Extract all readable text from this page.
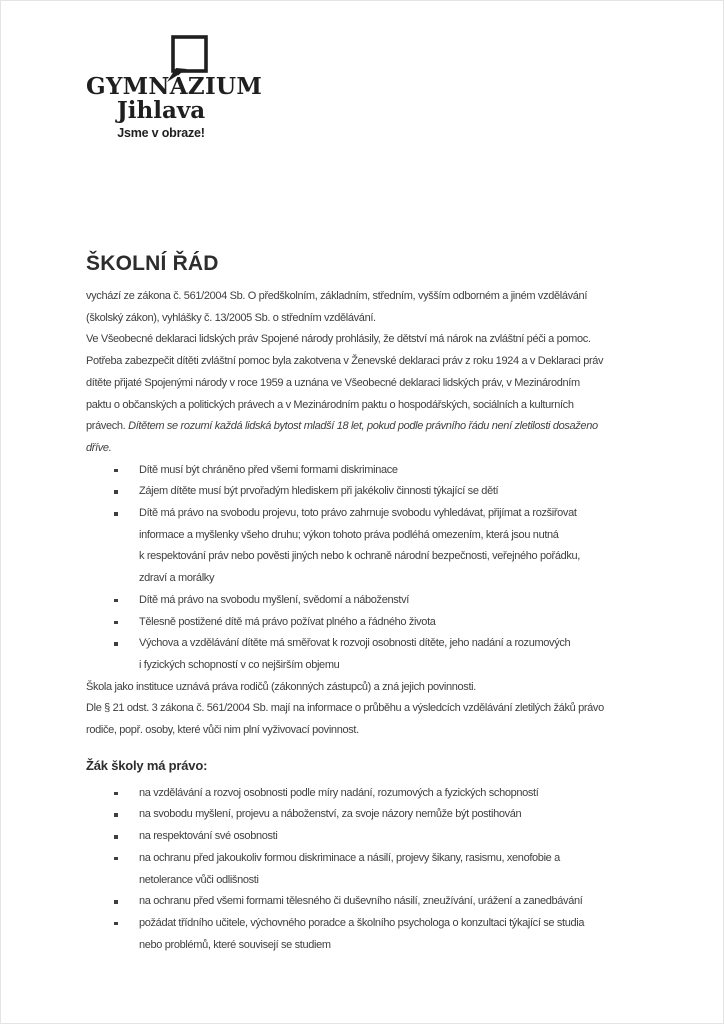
GYMNÁZIUM
Jihlava
Jsme v obraze!
ŠKOLNÍ ŘÁD
vychází ze zákona č. 561/2004 Sb. O předškolním, základním, středním, vyšším odborném a jiném vzdělávání
(školský zákon), vyhlášky č. 13/2005 Sb. o středním vzdělávání.
Ve Všeobecné deklaraci lidských práv Spojené národy prohlásily, že dětství má nárok na zvláštní péči a pomoc.
Potřeba zabezpečit dítěti zvláštní pomoc byla zakotvena v Ženevské deklaraci práv z roku 1924 a v Deklaraci práv
dítěte přijaté Spojenými národy v roce 1959 a uznána ve Všeobecné deklaraci lidských práv, v Mezinárodním
paktu o občanských a politických právech a v Mezinárodním paktu o hospodářských, sociálních a kulturních
právech. Dítětem se rozumí každá lidská bytost mladší 18 let, pokud podle právního řádu není zletilosti dosaženo
dříve.
Dítě musí být chráněno před všemi formami diskriminace
Zájem dítěte musí být prvořadým hlediskem při jakékoliv činnosti týkající se dětí
Dítě má právo na svobodu projevu, toto právo zahrnuje svobodu vyhledávat, přijímat a rozšiřovat
informace a myšlenky všeho druhu; výkon tohoto práva podléhá omezením, která jsou nutná
k respektování práv nebo pověsti jiných nebo k ochraně národní bezpečnosti, veřejného pořádku,
zdraví a morálky
Dítě má právo na svobodu myšlení, svědomí a náboženství
Tělesně postižené dítě má právo požívat plného a řádného života
Výchova a vzdělávání dítěte má směřovat k rozvoji osobnosti dítěte, jeho nadání a rozumových
i fyzických schopností v co nejširším objemu
Škola jako instituce uznává práva rodičů (zákonných zástupců) a zná jejich povinnosti.
Dle § 21 odst. 3 zákona č. 561/2004 Sb. mají na informace o průběhu a výsledcích vzdělávání zletilých žáků právo
rodiče, popř. osoby, které vůči nim plní vyživovací povinnost.
Žák školy má právo:
na vzdělávání a rozvoj osobnosti podle míry nadání, rozumových a fyzických schopností
na svobodu myšlení, projevu a náboženství, za svoje názory nemůže být postihován
na respektování své osobnosti
na ochranu před jakoukoliv formou diskriminace a násilí, projevy šikany, rasismu, xenofobie a
netolerance vůči odlišnosti
na ochranu před všemi formami tělesného či duševního násilí, zneužívání, urážení a zanedbávání
požádat třídního učitele, výchovného poradce a školního psychologa o konzultaci týkající se studia
nebo problémů, které souvisejí se studiem
